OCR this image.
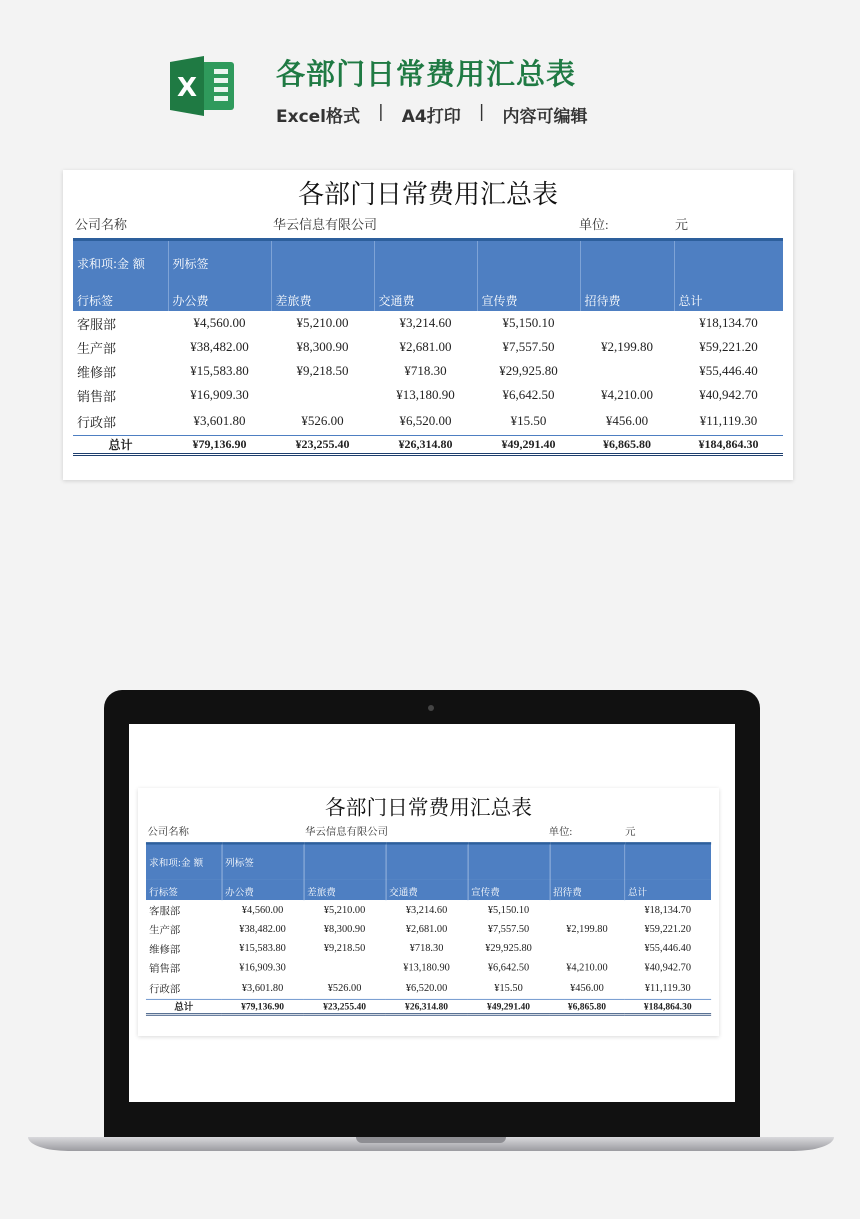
X	各部门日常费用汇总表
Excel格式 | A4打印 | 内容可编辑
各部门日常费用汇总表
公司名称	华云信息有限公司	单位:	元
求和项:金 额	列标签					
行标签	办公费	差旅费	交通费	宣传费	招待费	总计
客服部	¥4,560.00	¥5,210.00	¥3,214.60	¥5,150.10		¥18,134.70
生产部	¥38,482.00	¥8,300.90	¥2,681.00	¥7,557.50	¥2,199.80	¥59,221.20
维修部	¥15,583.80	¥9,218.50	¥718.30	¥29,925.80		¥55,446.40
销售部	¥16,909.30		¥13,180.90	¥6,642.50	¥4,210.00	¥40,942.70
行政部	¥3,601.80	¥526.00	¥6,520.00	¥15.50	¥456.00	¥11,119.30
总计	¥79,136.90	¥23,255.40	¥26,314.80	¥49,291.40	¥6,865.80	¥184,864.30
各部门日常费用汇总表
公司名称	华云信息有限公司	单位:	元
求和项:金 额	列标签					
行标签	办公费	差旅费	交通费	宣传费	招待费	总计
客服部	¥4,560.00	¥5,210.00	¥3,214.60	¥5,150.10		¥18,134.70
生产部	¥38,482.00	¥8,300.90	¥2,681.00	¥7,557.50	¥2,199.80	¥59,221.20
维修部	¥15,583.80	¥9,218.50	¥718.30	¥29,925.80		¥55,446.40
销售部	¥16,909.30		¥13,180.90	¥6,642.50	¥4,210.00	¥40,942.70
行政部	¥3,601.80	¥526.00	¥6,520.00	¥15.50	¥456.00	¥11,119.30
总计	¥79,136.90	¥23,255.40	¥26,314.80	¥49,291.40	¥6,865.80	¥184,864.30
